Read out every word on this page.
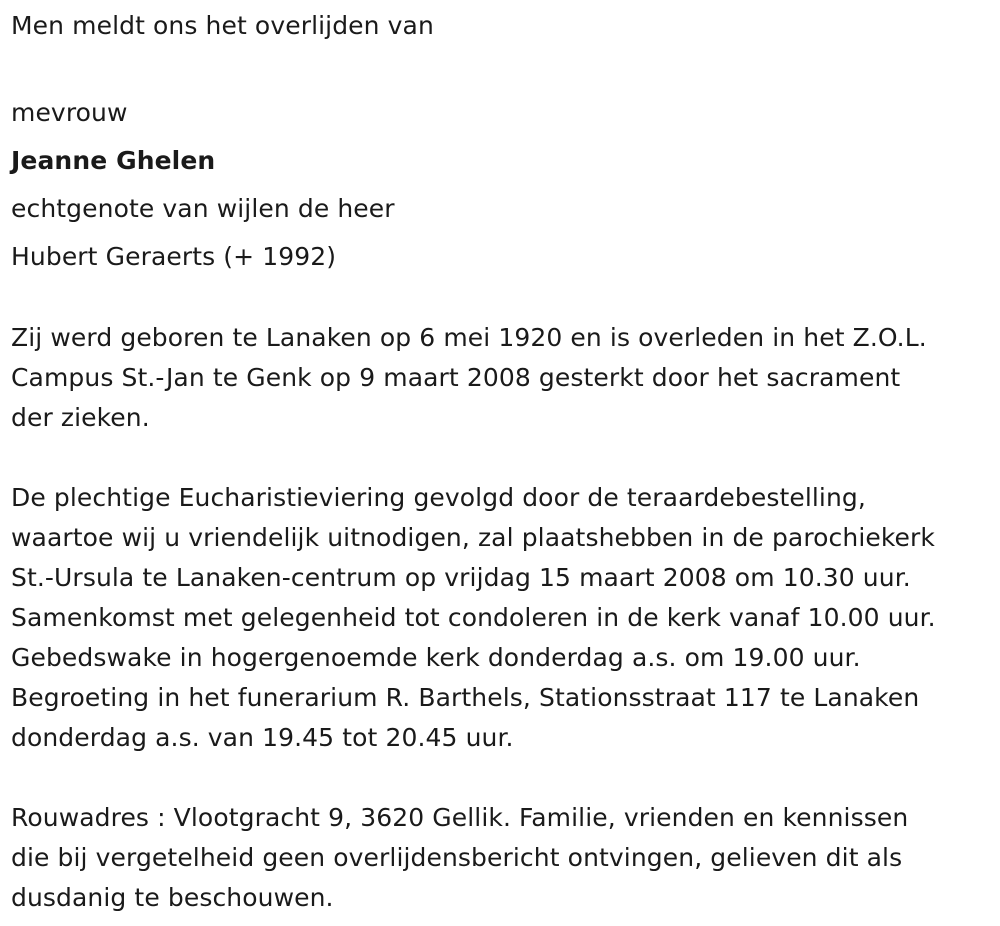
Men meldt ons het overlijden van
mevrouw
Jeanne Ghelen
echtgenote van wijlen de heer
Hubert Geraerts (+ 1992)
Zij werd geboren te Lanaken op 6 mei 1920 en is overleden in het Z.O.L.
Campus St.-Jan te Genk op 9 maart 2008 gesterkt door het sacrament
der zieken.
De plechtige Eucharistieviering gevolgd door de teraardebestelling,
waartoe wij u vriendelijk uitnodigen, zal plaatshebben in de parochiekerk
St.-Ursula te Lanaken-centrum op vrijdag 15 maart 2008 om 10.30 uur.
Samenkomst met gelegenheid tot condoleren in de kerk vanaf 10.00 uur.
Gebedswake in hogergenoemde kerk donderdag a.s. om 19.00 uur.
Begroeting in het funerarium R. Barthels, Stationsstraat 117 te Lanaken
donderdag a.s. van 19.45 tot 20.45 uur.
Rouwadres : Vlootgracht 9, 3620 Gellik. Familie, vrienden en kennissen
die bij vergetelheid geen overlijdensbericht ontvingen, gelieven dit als
dusdanig te beschouwen.
